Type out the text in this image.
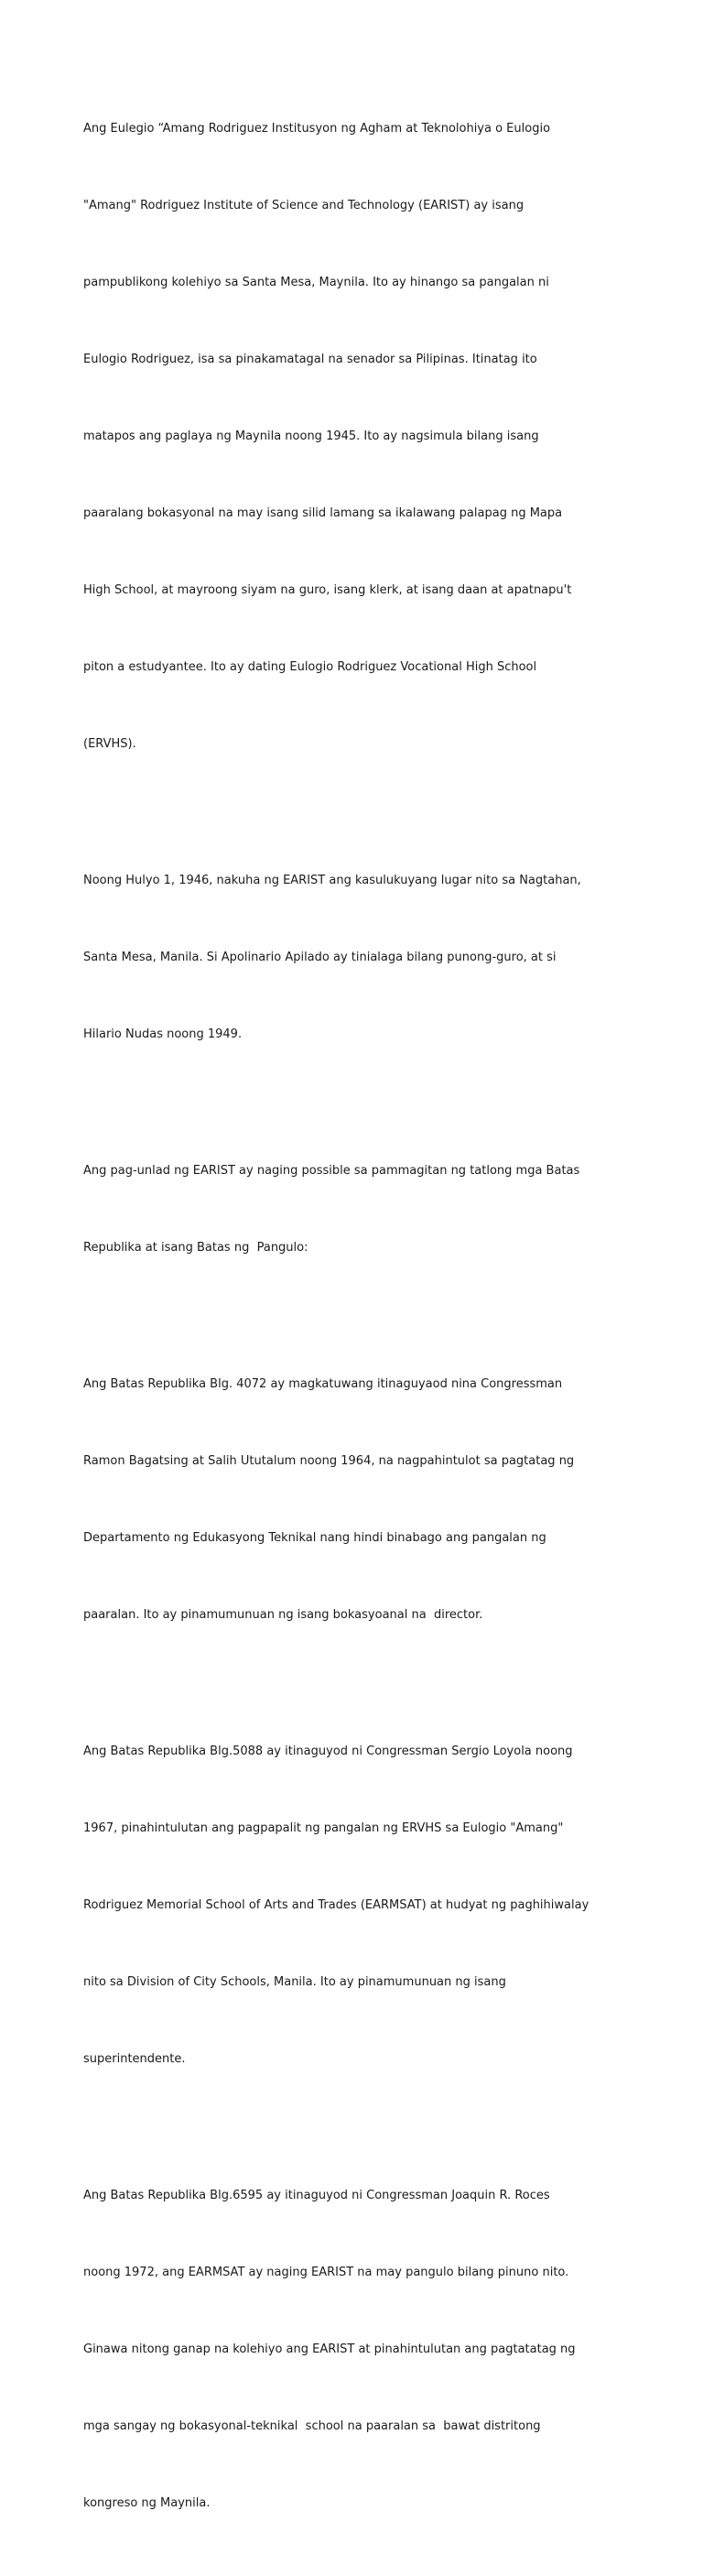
Ang Eulegio “Amang Rodriguez Institusyon ng Agham at Teknolohiya o Eulogio

"Amang" Rodriguez Institute of Science and Technology (EARIST) ay isang

pampublikong kolehiyo sa Santa Mesa, Maynila. Ito ay hinango sa pangalan ni

Eulogio Rodriguez, isa sa pinakamatagal na senador sa Pilipinas. Itinatag ito

matapos ang paglaya ng Maynila noong 1945. Ito ay nagsimula bilang isang

paaralang bokasyonal na may isang silid lamang sa ikalawang palapag ng Mapa

High School, at mayroong siyam na guro, isang klerk, at isang daan at apatnapu't

piton a estudyantee. Ito ay dating Eulogio Rodriguez Vocational High School

(ERVHS).

Noong Hulyo 1, 1946, nakuha ng EARIST ang kasulukuyang lugar nito sa Nagtahan,

Santa Mesa, Manila. Si Apolinario Apilado ay tinialaga bilang punong-guro, at si

Hilario Nudas noong 1949.

Ang pag-unlad ng EARIST ay naging possible sa pammagitan ng tatlong mga Batas

Republika at isang Batas ng  Pangulo:

Ang Batas Republika Blg. 4072 ay magkatuwang itinaguyaod nina Congressman

Ramon Bagatsing at Salih Ututalum noong 1964, na nagpahintulot sa pagtatag ng

Departamento ng Edukasyong Teknikal nang hindi binabago ang pangalan ng

paaralan. Ito ay pinamumunuan ng isang bokasyoanal na  director.

Ang Batas Republika Blg.5088 ay itinaguyod ni Congressman Sergio Loyola noong

1967, pinahintulutan ang pagpapalit ng pangalan ng ERVHS sa Eulogio "Amang"

Rodriguez Memorial School of Arts and Trades (EARMSAT) at hudyat ng paghihiwalay

nito sa Division of City Schools, Manila. Ito ay pinamumunuan ng isang

superintendente.

Ang Batas Republika Blg.6595 ay itinaguyod ni Congressman Joaquin R. Roces

noong 1972, ang EARMSAT ay naging EARIST na may pangulo bilang pinuno nito.

Ginawa nitong ganap na kolehiyo ang EARIST at pinahintulutan ang pagtatatag ng

mga sangay ng bokasyonal-teknikal  school na paaralan sa  bawat distritong

kongreso ng Maynila.
